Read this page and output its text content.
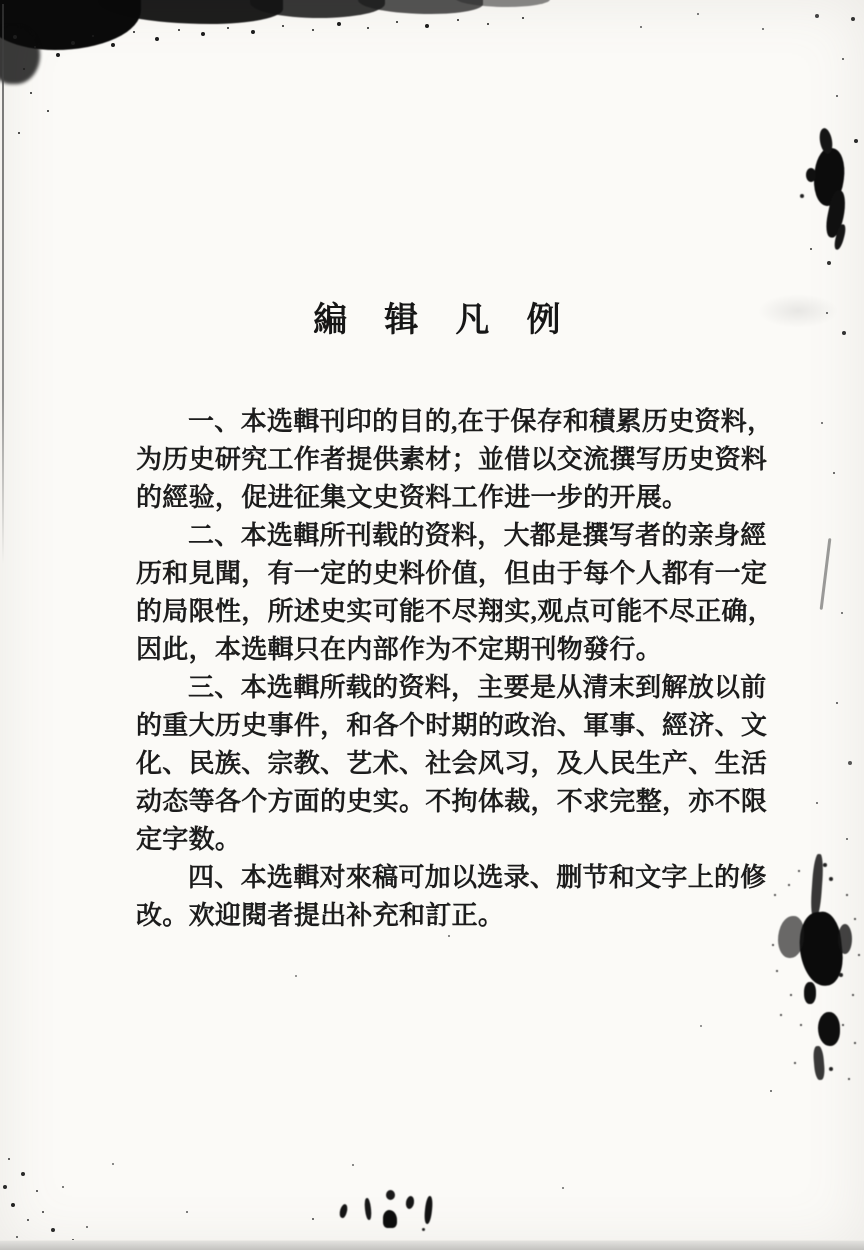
編 辑 凡 例
一、本选輯刊印的目的,在于保存和積累历史资料，
为历史研究工作者提供素材；並借以交流撰写历史资料
的經验，促进征集文史资料工作进一步的开展。
二、本选輯所刊载的资料，大都是撰写者的亲身經
历和見聞，有一定的史料价值，但由于每个人都有一定
的局限性，所述史实可能不尽翔实,观点可能不尽正确，
因此，本选輯只在内部作为不定期刊物發行。
三、本选輯所载的资料，主要是从清末到解放以前
的重大历史事件，和各个时期的政治、軍事、經济、文
化、民族、宗教、艺术、社会风习，及人民生产、生活
动态等各个方面的史实。不拘体裁，不求完整，亦不限
定字数。
四、本选輯对來稿可加以选录、删节和文字上的修
改。欢迎閱者提出补充和訂正。
